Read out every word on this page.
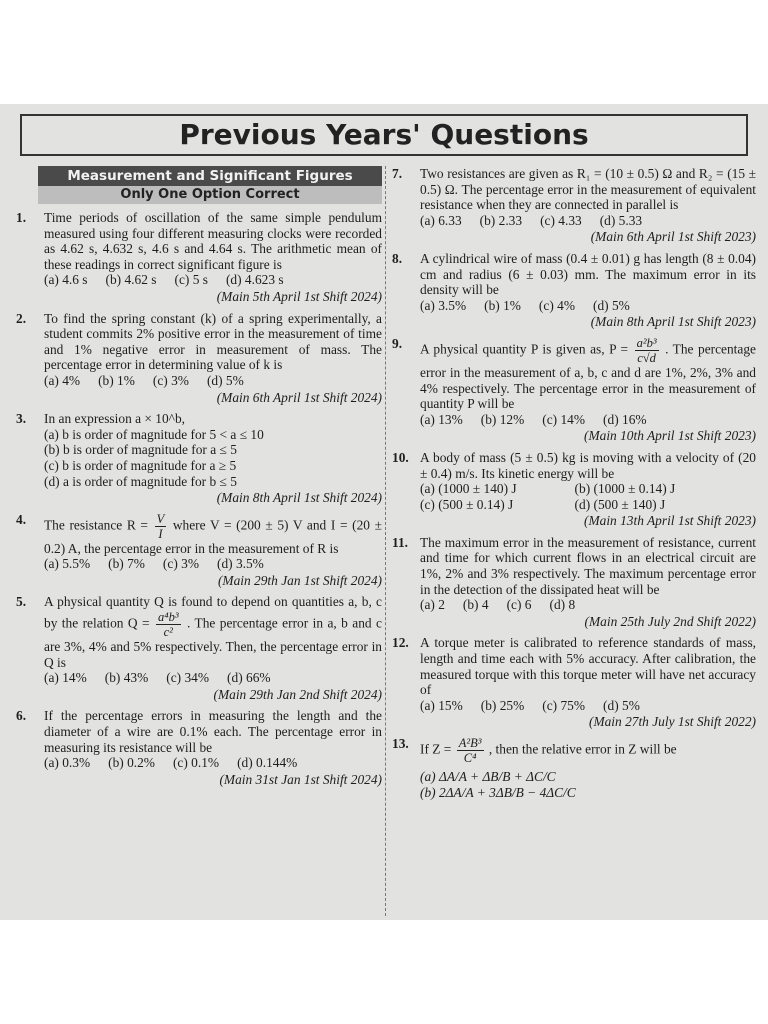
Previous Years' Questions
Measurement and Significant Figures
Only One Option Correct
1. Time periods of oscillation of the same simple pendulum measured using four different measuring clocks were recorded as 4.62 s, 4.632 s, 4.6 s and 4.64 s. The arithmetic mean of these readings in correct significant figure is
(a) 4.6 s (b) 4.62 s (c) 5 s (d) 4.623 s
(Main 5th April 1st Shift 2024)
2. To find the spring constant (k) of a spring experimentally, a student commits 2% positive error in the measurement of time and 1% negative error in measurement of mass. The percentage error in determining value of k is
(a) 4% (b) 1% (c) 3% (d) 5%
(Main 6th April 1st Shift 2024)
3. In an expression a × 10^b,
(a) b is order of magnitude for 5 < a ≤ 10
(b) b is order of magnitude for a ≤ 5
(c) b is order of magnitude for a ≥ 5
(d) a is order of magnitude for b ≤ 5
(Main 8th April 1st Shift 2024)
4. The resistance $R = \frac{V}{I}$ where V = (200 ± 5) V and I = (20 ± 0.2) A, the percentage error in the measurement of R is
(a) 5.5% (b) 7% (c) 3% (d) 3.5%
(Main 29th Jan 1st Shift 2024)
5. A physical quantity Q is found to depend on quantities a, b, c by the relation $Q = \frac{\text{a⁴b³}}{\text{c²}}$ . The percentage error in a, b and c are 3%, 4% and 5% respectively. Then, the percentage error in Q is
(a) 14% (b) 43% (c) 34% (d) 66%
(Main 29th Jan 2nd Shift 2024)
6. If the percentage errors in measuring the length and the diameter of a wire are 0.1% each. The percentage error in measuring its resistance will be
(a) 0.3% (b) 0.2% (c) 0.1% (d) 0.144%
(Main 31st Jan 1st Shift 2024)
7. Two resistances are given as R₁ = (10 ± 0.5) Ω and R₂ = (15 ± 0.5) Ω. The percentage error in the measurement of equivalent resistance when they are connected in parallel is
(a) 6.33 (b) 2.33 (c) 4.33 (d) 5.33
(Main 6th April 1st Shift 2023)
8. A cylindrical wire of mass (0.4 ± 0.01) g has length (8 ± 0.04) cm and radius (6 ± 0.03) mm. The maximum error in its density will be
(a) 3.5% (b) 1% (c) 4% (d) 5%
(Main 8th April 1st Shift 2023)
9. A physical quantity P is given as, $P = \frac{\text{a²b³}}{c√d}$ . The percentage error in the measurement of a, b, c and d are 1%, 2%, 3% and 4% respectively. The percentage error in the measurement of quantity P will be
(a) 13% (b) 12% (c) 14% (d) 16%
(Main 10th April 1st Shift 2023)
10. A body of mass (5 ± 0.5) kg is moving with a velocity of (20 ± 0.4) m/s. Its kinetic energy will be
(a) (1000 ± 140) J	(b) (1000 ± 0.14) J
(c) (500 ± 0.14) J	(d) (500 ± 140) J
(Main 13th April 1st Shift 2023)
11. The maximum error in the measurement of resistance, current and time for which current flows in an electrical circuit are 1%, 2% and 3% respectively. The maximum percentage error in the detection of the dissipated heat will be
(a) 2 (b) 4 (c) 6 (d) 8
(Main 25th July 2nd Shift 2022)
12. A torque meter is calibrated to reference standards of mass, length and time each with 5% accuracy. After calibration, the measured torque with this torque meter will have net accuracy of
(a) 15% (b) 25% (c) 75% (d) 5%
(Main 27th July 1st Shift 2022)
13. If $Z = \frac{\text{A²B³}}{\text{C⁴}}$ , then the relative error in Z will be
(a) ΔA/A + ΔB/B + ΔC/C
(b) 2ΔA/A + 3ΔB/B − 4ΔC/C
